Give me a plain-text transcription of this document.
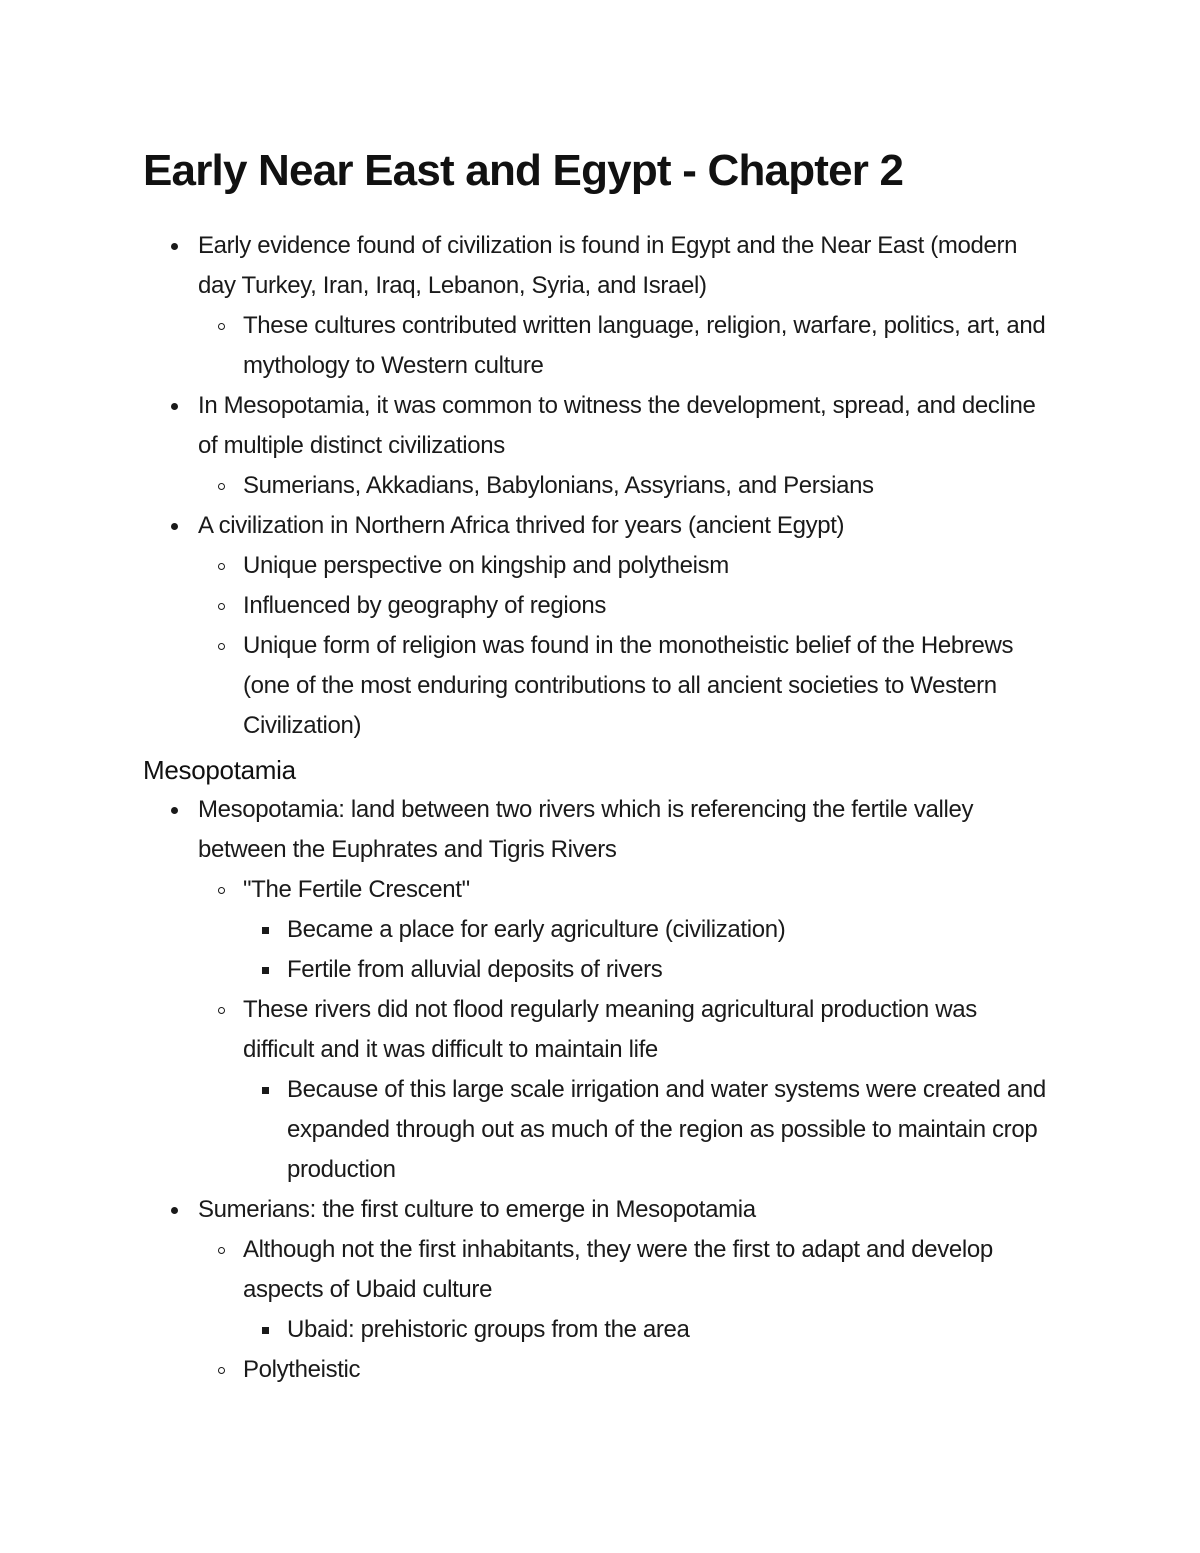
Early Near East and Egypt - Chapter 2
Early evidence found of civilization is found in Egypt and the Near East (modern day Turkey, Iran, Iraq, Lebanon, Syria, and Israel)
These cultures contributed written language, religion, warfare, politics, art, and mythology to Western culture
In Mesopotamia, it was common to witness the development, spread, and decline of multiple distinct civilizations
Sumerians, Akkadians, Babylonians, Assyrians, and Persians
A civilization in Northern Africa thrived for years (ancient Egypt)
Unique perspective on kingship and polytheism
Influenced by geography of regions
Unique form of religion was found in the monotheistic belief of the Hebrews (one of the most enduring contributions to all ancient societies to Western Civilization)
Mesopotamia
Mesopotamia: land between two rivers which is referencing the fertile valley between the Euphrates and Tigris Rivers
"The Fertile Crescent"
Became a place for early agriculture (civilization)
Fertile from alluvial deposits of rivers
These rivers did not flood regularly meaning agricultural production was difficult and it was difficult to maintain life
Because of this large scale irrigation and water systems were created and expanded through out as much of the region as possible to maintain crop production
Sumerians: the first culture to emerge in Mesopotamia
Although not the first inhabitants, they were the first to adapt and develop aspects of Ubaid culture
Ubaid: prehistoric groups from the area
Polytheistic
